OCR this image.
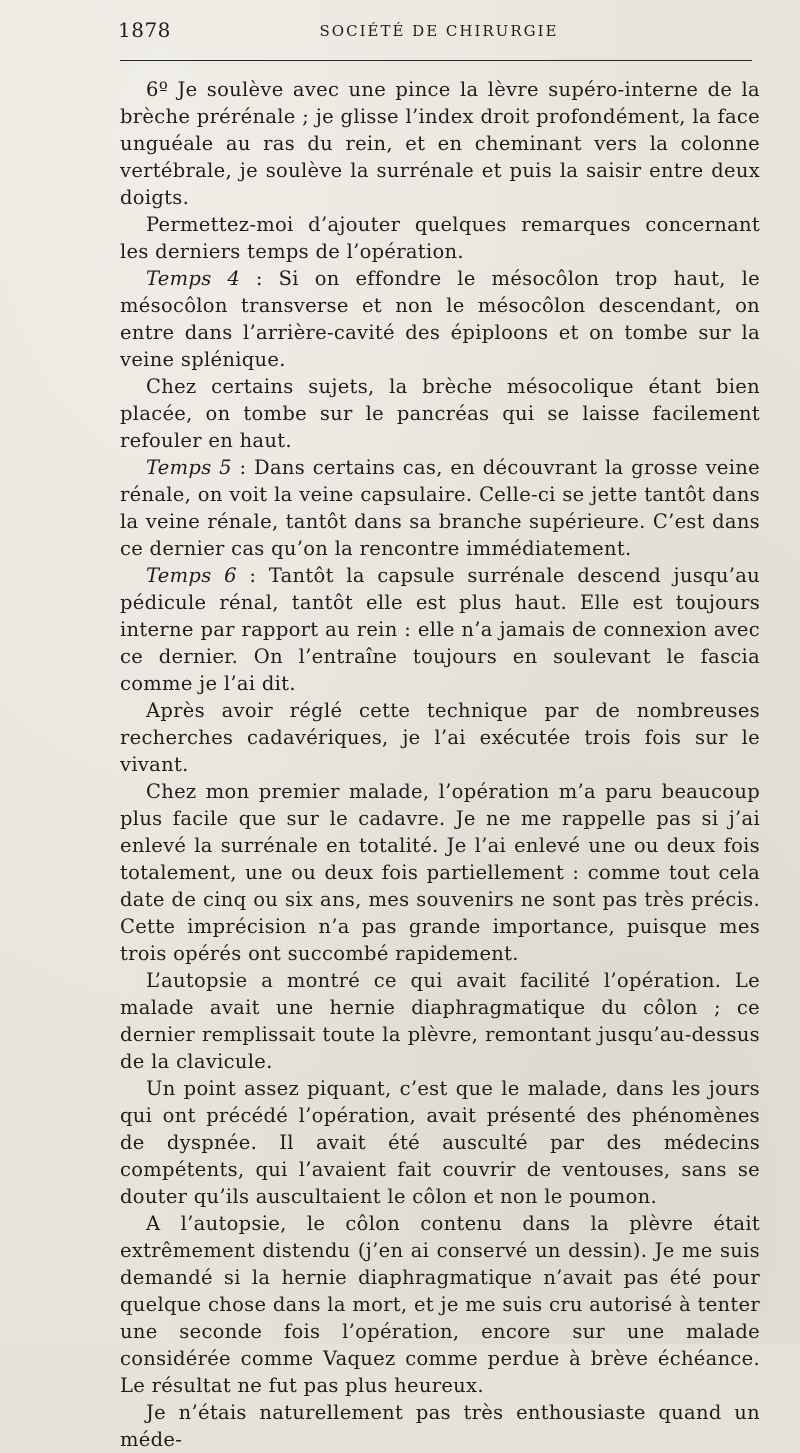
1878	SOCIÉTÉ DE CHIRURGIE

6º Je soulève avec une pince la lèvre supéro-interne de la brèche prérénale ; je glisse l’index droit profondément, la face unguéale au ras du rein, et en cheminant vers la colonne vertébrale, je soulève la surrénale et puis la saisir entre deux doigts.

Permettez-moi d’ajouter quelques remarques concernant les derniers temps de l’opération.

Temps 4 : Si on effondre le mésocôlon trop haut, le mésocôlon transverse et non le mésocôlon descendant, on entre dans l’arrière-cavité des épiploons et on tombe sur la veine splénique.

Chez certains sujets, la brèche mésocolique étant bien placée, on tombe sur le pancréas qui se laisse facilement refouler en haut.

Temps 5 : Dans certains cas, en découvrant la grosse veine rénale, on voit la veine capsulaire. Celle-ci se jette tantôt dans la veine rénale, tantôt dans sa branche supérieure. C’est dans ce dernier cas qu’on la rencontre immédiatement.

Temps 6 : Tantôt la capsule surrénale descend jusqu’au pédicule rénal, tantôt elle est plus haut. Elle est toujours interne par rapport au rein : elle n’a jamais de connexion avec ce dernier. On l’entraîne toujours en soulevant le fascia comme je l’ai dit.

Après avoir réglé cette technique par de nombreuses recherches cadavériques, je l’ai exécutée trois fois sur le vivant.

Chez mon premier malade, l’opération m’a paru beaucoup plus facile que sur le cadavre. Je ne me rappelle pas si j’ai enlevé la surrénale en totalité. Je l’ai enlevé une ou deux fois totalement, une ou deux fois partiellement : comme tout cela date de cinq ou six ans, mes souvenirs ne sont pas très précis. Cette imprécision n’a pas grande importance, puisque mes trois opérés ont succombé rapidement.

L’autopsie a montré ce qui avait facilité l’opération. Le malade avait une hernie diaphragmatique du côlon ; ce dernier remplissait toute la plèvre, remontant jusqu’au-dessus de la clavicule.

Un point assez piquant, c’est que le malade, dans les jours qui ont précédé l’opération, avait présenté des phénomènes de dyspnée. Il avait été ausculté par des médecins compétents, qui l’avaient fait couvrir de ventouses, sans se douter qu’ils auscultaient le côlon et non le poumon.

A l’autopsie, le côlon contenu dans la plèvre était extrêmement distendu (j’en ai conservé un dessin). Je me suis demandé si la hernie diaphragmatique n’avait pas été pour quelque chose dans la mort, et je me suis cru autorisé à tenter une seconde fois l’opération, encore sur une malade considérée comme Vaquez comme perdue à brève échéance. Le résultat ne fut pas plus heureux.

Je n’étais naturellement pas très enthousiaste quand un méde-
